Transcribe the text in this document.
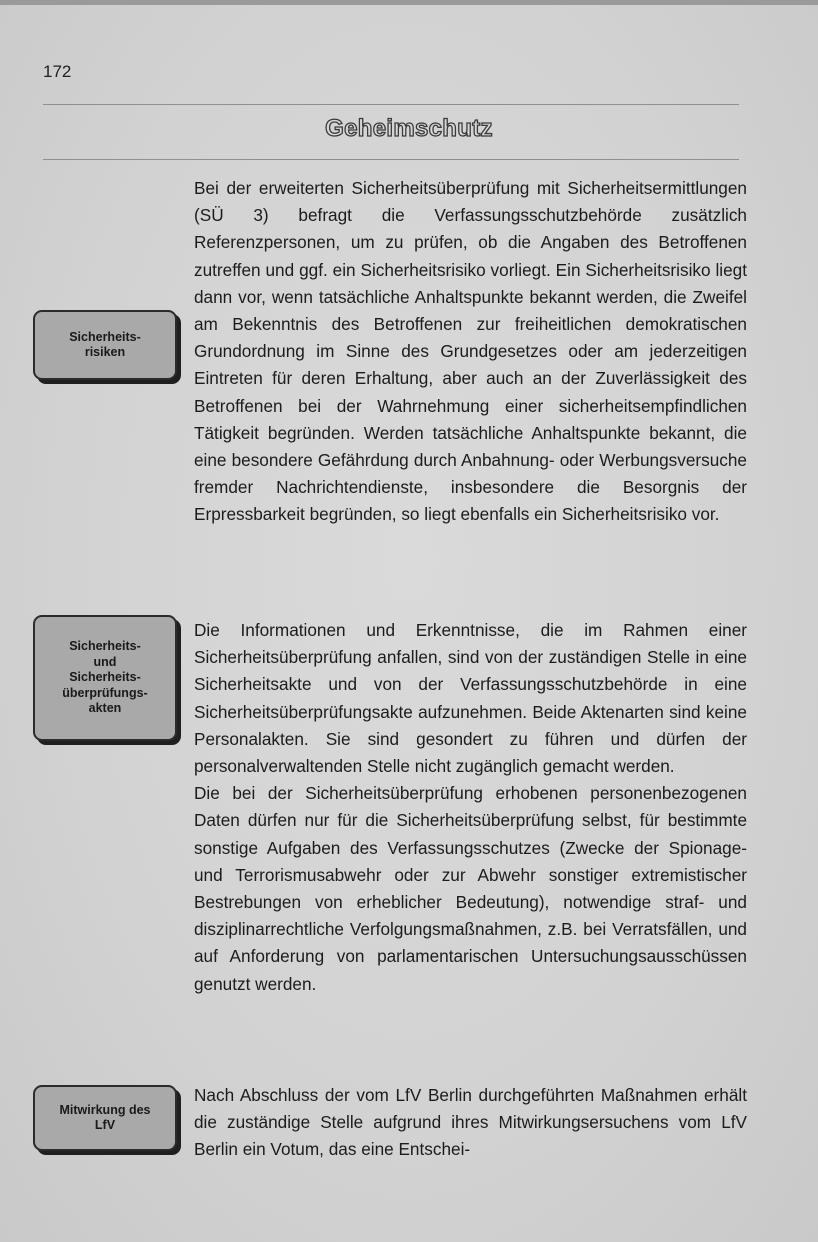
172
Geheimschutz
Sicherheits-
risiken
Sicherheits-
und
Sicherheits-
überprüfungs-
akten
Mitwirkung des
LfV

Bei der erweiterten Sicherheitsüberprüfung mit Sicherheitsermittlungen (SÜ 3) befragt die Verfassungsschutzbehörde zusätzlich Referenzpersonen, um zu prüfen, ob die Angaben des Betroffenen zutreffen und ggf. ein Sicherheitsrisiko vorliegt. Ein Sicherheitsrisiko liegt dann vor, wenn tatsächliche Anhaltspunkte bekannt werden, die Zweifel am Bekenntnis des Betroffenen zur freiheitlichen demokratischen Grundordnung im Sinne des Grundgesetzes oder am jederzeitigen Eintreten für deren Erhaltung, aber auch an der Zuverlässigkeit des Betroffenen bei der Wahrnehmung einer sicherheitsempfindlichen Tätigkeit begründen. Werden tatsächliche Anhaltspunkte bekannt, die eine besondere Gefährdung durch Anbahnung- oder Werbungsversuche fremder Nachrichtendienste, insbesondere die Besorgnis der Erpressbarkeit begründen, so liegt ebenfalls ein Sicherheitsrisiko vor.

Die Informationen und Erkenntnisse, die im Rahmen einer Sicherheitsüberprüfung anfallen, sind von der zuständigen Stelle in eine Sicherheitsakte und von der Verfassungsschutzbehörde in eine Sicherheitsüberprüfungsakte aufzunehmen. Beide Aktenarten sind keine Personalakten. Sie sind gesondert zu führen und dürfen der personalverwaltenden Stelle nicht zugänglich gemacht werden.

Die bei der Sicherheitsüberprüfung erhobenen personenbezogenen Daten dürfen nur für die Sicherheitsüberprüfung selbst, für bestimmte sonstige Aufgaben des Verfassungsschutzes (Zwecke der Spionage- und Terrorismusabwehr oder zur Abwehr sonstiger extremistischer Bestrebungen von erheblicher Bedeutung), notwendige straf- und disziplinarrechtliche Verfolgungsmaßnahmen, z.B. bei Verratsfällen, und auf Anforderung von parlamentarischen Untersuchungsausschüssen genutzt werden.

Nach Abschluss der vom LfV Berlin durchgeführten Maßnahmen erhält die zuständige Stelle aufgrund ihres Mitwirkungsersuchens vom LfV Berlin ein Votum, das eine Entschei-
